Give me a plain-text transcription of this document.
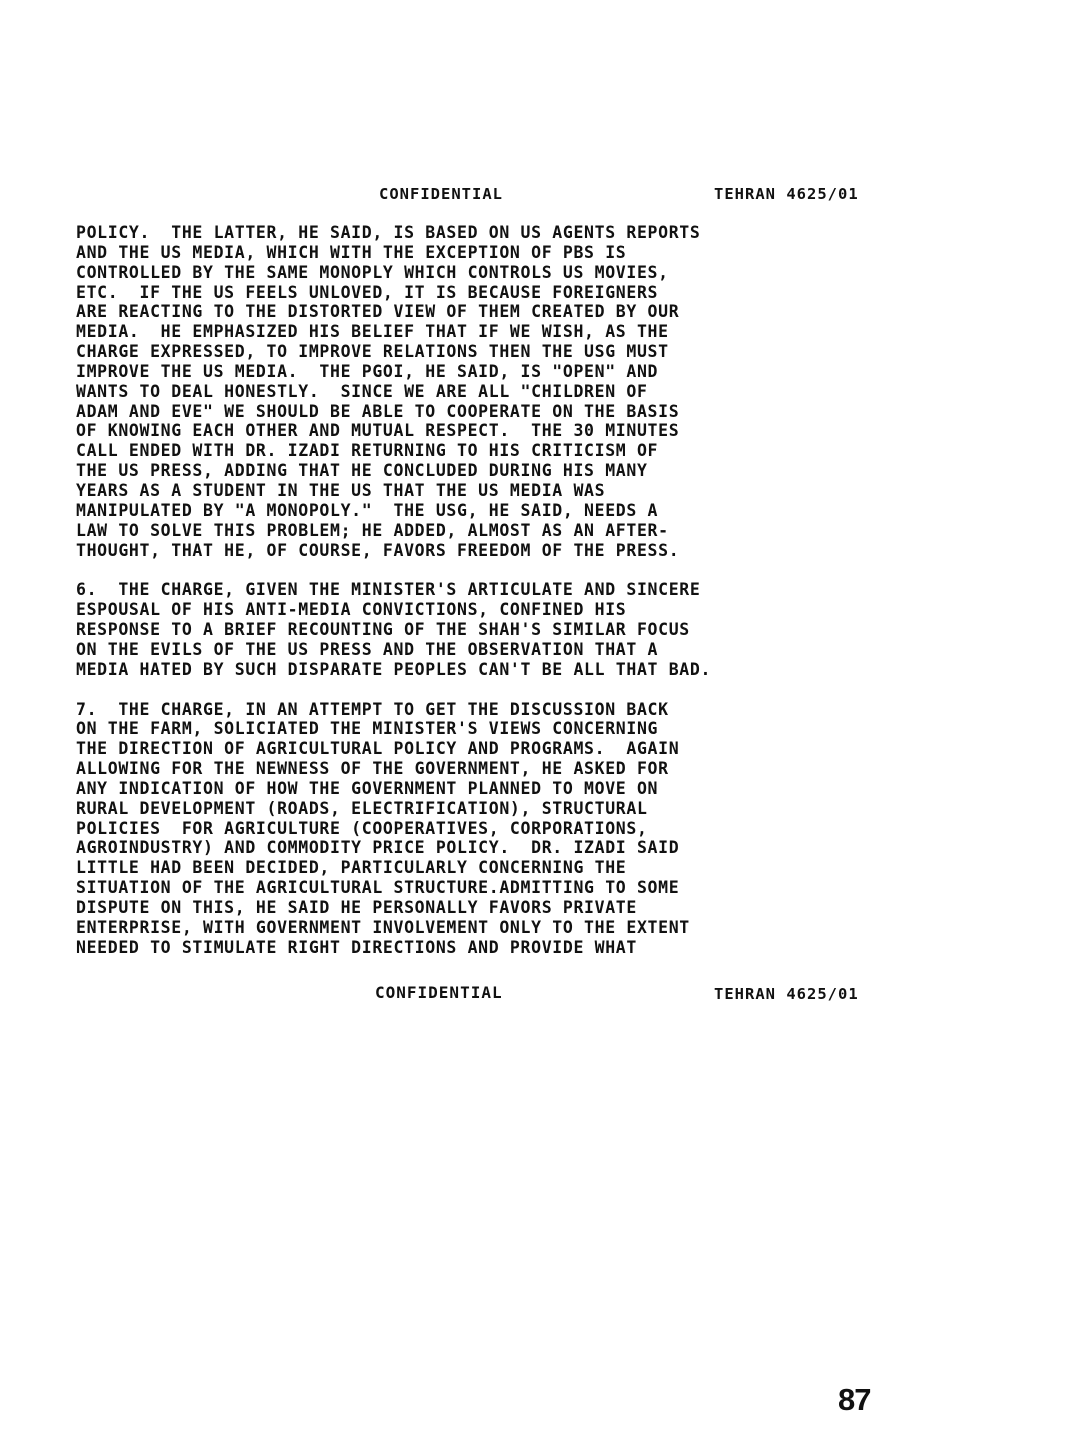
CONFIDENTIAL

	TEHRAN 4625/01

POLICY.  THE LATTER, HE SAID, IS BASED ON US AGENTS REPORTS
AND THE US MEDIA, WHICH WITH THE EXCEPTION OF PBS IS
CONTROLLED BY THE SAME MONOPLY WHICH CONTROLS US MOVIES,
ETC.  IF THE US FEELS UNLOVED, IT IS BECAUSE FOREIGNERS
ARE REACTING TO THE DISTORTED VIEW OF THEM CREATED BY OUR
MEDIA.  HE EMPHASIZED HIS BELIEF THAT IF WE WISH, AS THE
CHARGE EXPRESSED, TO IMPROVE RELATIONS THEN THE USG MUST
IMPROVE THE US MEDIA.  THE PGOI, HE SAID, IS "OPEN" AND
WANTS TO DEAL HONESTLY.  SINCE WE ARE ALL "CHILDREN OF
ADAM AND EVE" WE SHOULD BE ABLE TO COOPERATE ON THE BASIS
OF KNOWING EACH OTHER AND MUTUAL RESPECT.  THE 30 MINUTES
CALL ENDED WITH DR. IZADI RETURNING TO HIS CRITICISM OF
THE US PRESS, ADDING THAT HE CONCLUDED DURING HIS MANY
YEARS AS A STUDENT IN THE US THAT THE US MEDIA WAS
MANIPULATED BY "A MONOPOLY."  THE USG, HE SAID, NEEDS A
LAW TO SOLVE THIS PROBLEM; HE ADDED, ALMOST AS AN AFTER-
THOUGHT, THAT HE, OF COURSE, FAVORS FREEDOM OF THE PRESS.
6.  THE CHARGE, GIVEN THE MINISTER'S ARTICULATE AND SINCERE
ESPOUSAL OF HIS ANTI-MEDIA CONVICTIONS, CONFINED HIS
RESPONSE TO A BRIEF RECOUNTING OF THE SHAH'S SIMILAR FOCUS
ON THE EVILS OF THE US PRESS AND THE OBSERVATION THAT A
MEDIA HATED BY SUCH DISPARATE PEOPLES CAN'T BE ALL THAT BAD.
7.  THE CHARGE, IN AN ATTEMPT TO GET THE DISCUSSION BACK
ON THE FARM, SOLICIATED THE MINISTER'S VIEWS CONCERNING
THE DIRECTION OF AGRICULTURAL POLICY AND PROGRAMS.  AGAIN
ALLOWING FOR THE NEWNESS OF THE GOVERNMENT, HE ASKED FOR
ANY INDICATION OF HOW THE GOVERNMENT PLANNED TO MOVE ON
RURAL DEVELOPMENT (ROADS, ELECTRIFICATION), STRUCTURAL
POLICIES  FOR AGRICULTURE (COOPERATIVES, CORPORATIONS,
AGROINDUSTRY) AND COMMODITY PRICE POLICY.  DR. IZADI SAID
LITTLE HAD BEEN DECIDED, PARTICULARLY CONCERNING THE
SITUATION OF THE AGRICULTURAL STRUCTURE.ADMITTING TO SOME
DISPUTE ON THIS, HE SAID HE PERSONALLY FAVORS PRIVATE
ENTERPRISE, WITH GOVERNMENT INVOLVEMENT ONLY TO THE EXTENT
NEEDED TO STIMULATE RIGHT DIRECTIONS AND PROVIDE WHAT

CONFIDENTIAL

	TEHRAN 4625/01

87
